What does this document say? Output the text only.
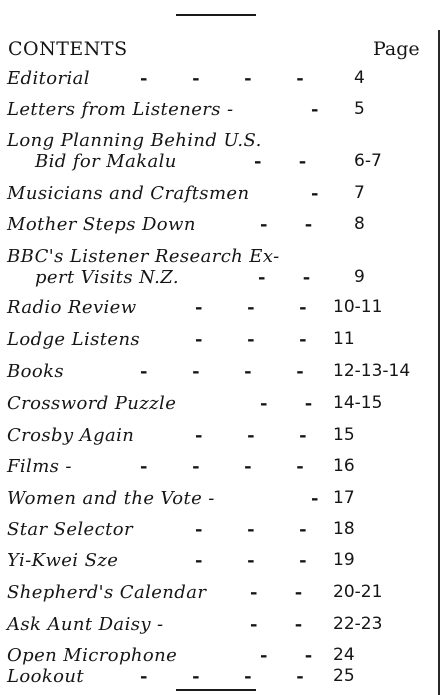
CONTENTS	Page
Editorial	-      -      -      -	4
Letters from Listeners -	- 5
Long Planning Behind U.S.
Bid for Makalu	-     -	6-7
Musicians and Craftsmen	- 7
Mother Steps Down	-     - 8
BBC's Listener Research Ex-
pert Visits N.Z.	-     -	9
Radio Review	-      -      - 10-11
Lodge Listens	-      -      - 11
Books	-      -      -      - 12-13-14
Crossword Puzzle	-     - 14-15
Crosby Again	-      -      - 15
Films -	-      -      -      - 16
Women and the Vote -	- 17
Star Selector	-      -      - 18
Yi-Kwei Sze	-      -      - 19
Shepherd's Calendar -     - 20-21
Ask Aunt Daisy -	-     - 22-23
Open Microphone	-     - 24
Lookout	-      -      -      - 25
